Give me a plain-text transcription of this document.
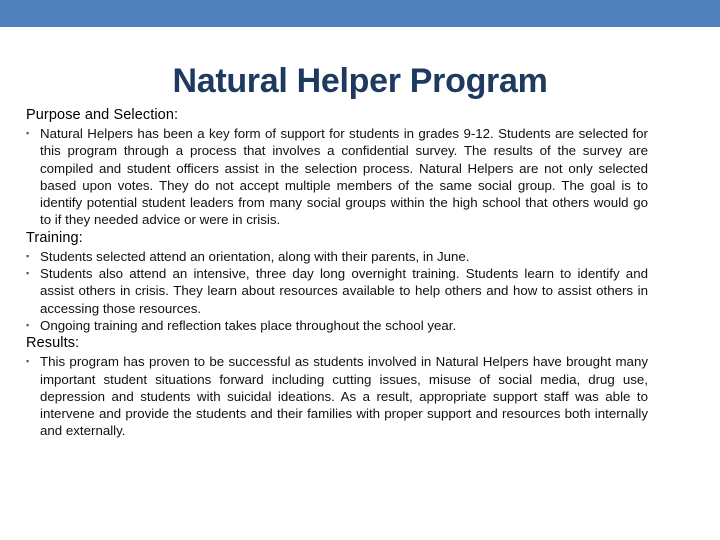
Natural Helper Program

Purpose and Selection:

▪ Natural Helpers has been a key form of support for students in grades 9-12. Students are selected for this program through a process that involves a confidential survey. The results of the survey are compiled and student officers assist in the selection process. Natural Helpers are not only selected based upon votes. They do not accept multiple members of the same social group. The goal is to identify potential student leaders from many social groups within the high school that others would go to if they needed advice or were in crisis.

Training:

▪ Students selected attend an orientation, along with their parents, in June.
▪ Students also attend an intensive, three day long overnight training. Students learn to identify and assist others in crisis. They learn about resources available to help others and how to assist others in accessing those resources.
▪ Ongoing training and reflection takes place throughout the school year.

Results:

▪ This program has proven to be successful as students involved in Natural Helpers have brought many important student situations forward including cutting issues, misuse of social media, drug use, depression and students with suicidal ideations. As a result, appropriate support staff was able to intervene and provide the students and their families with proper support and resources both internally and externally.
